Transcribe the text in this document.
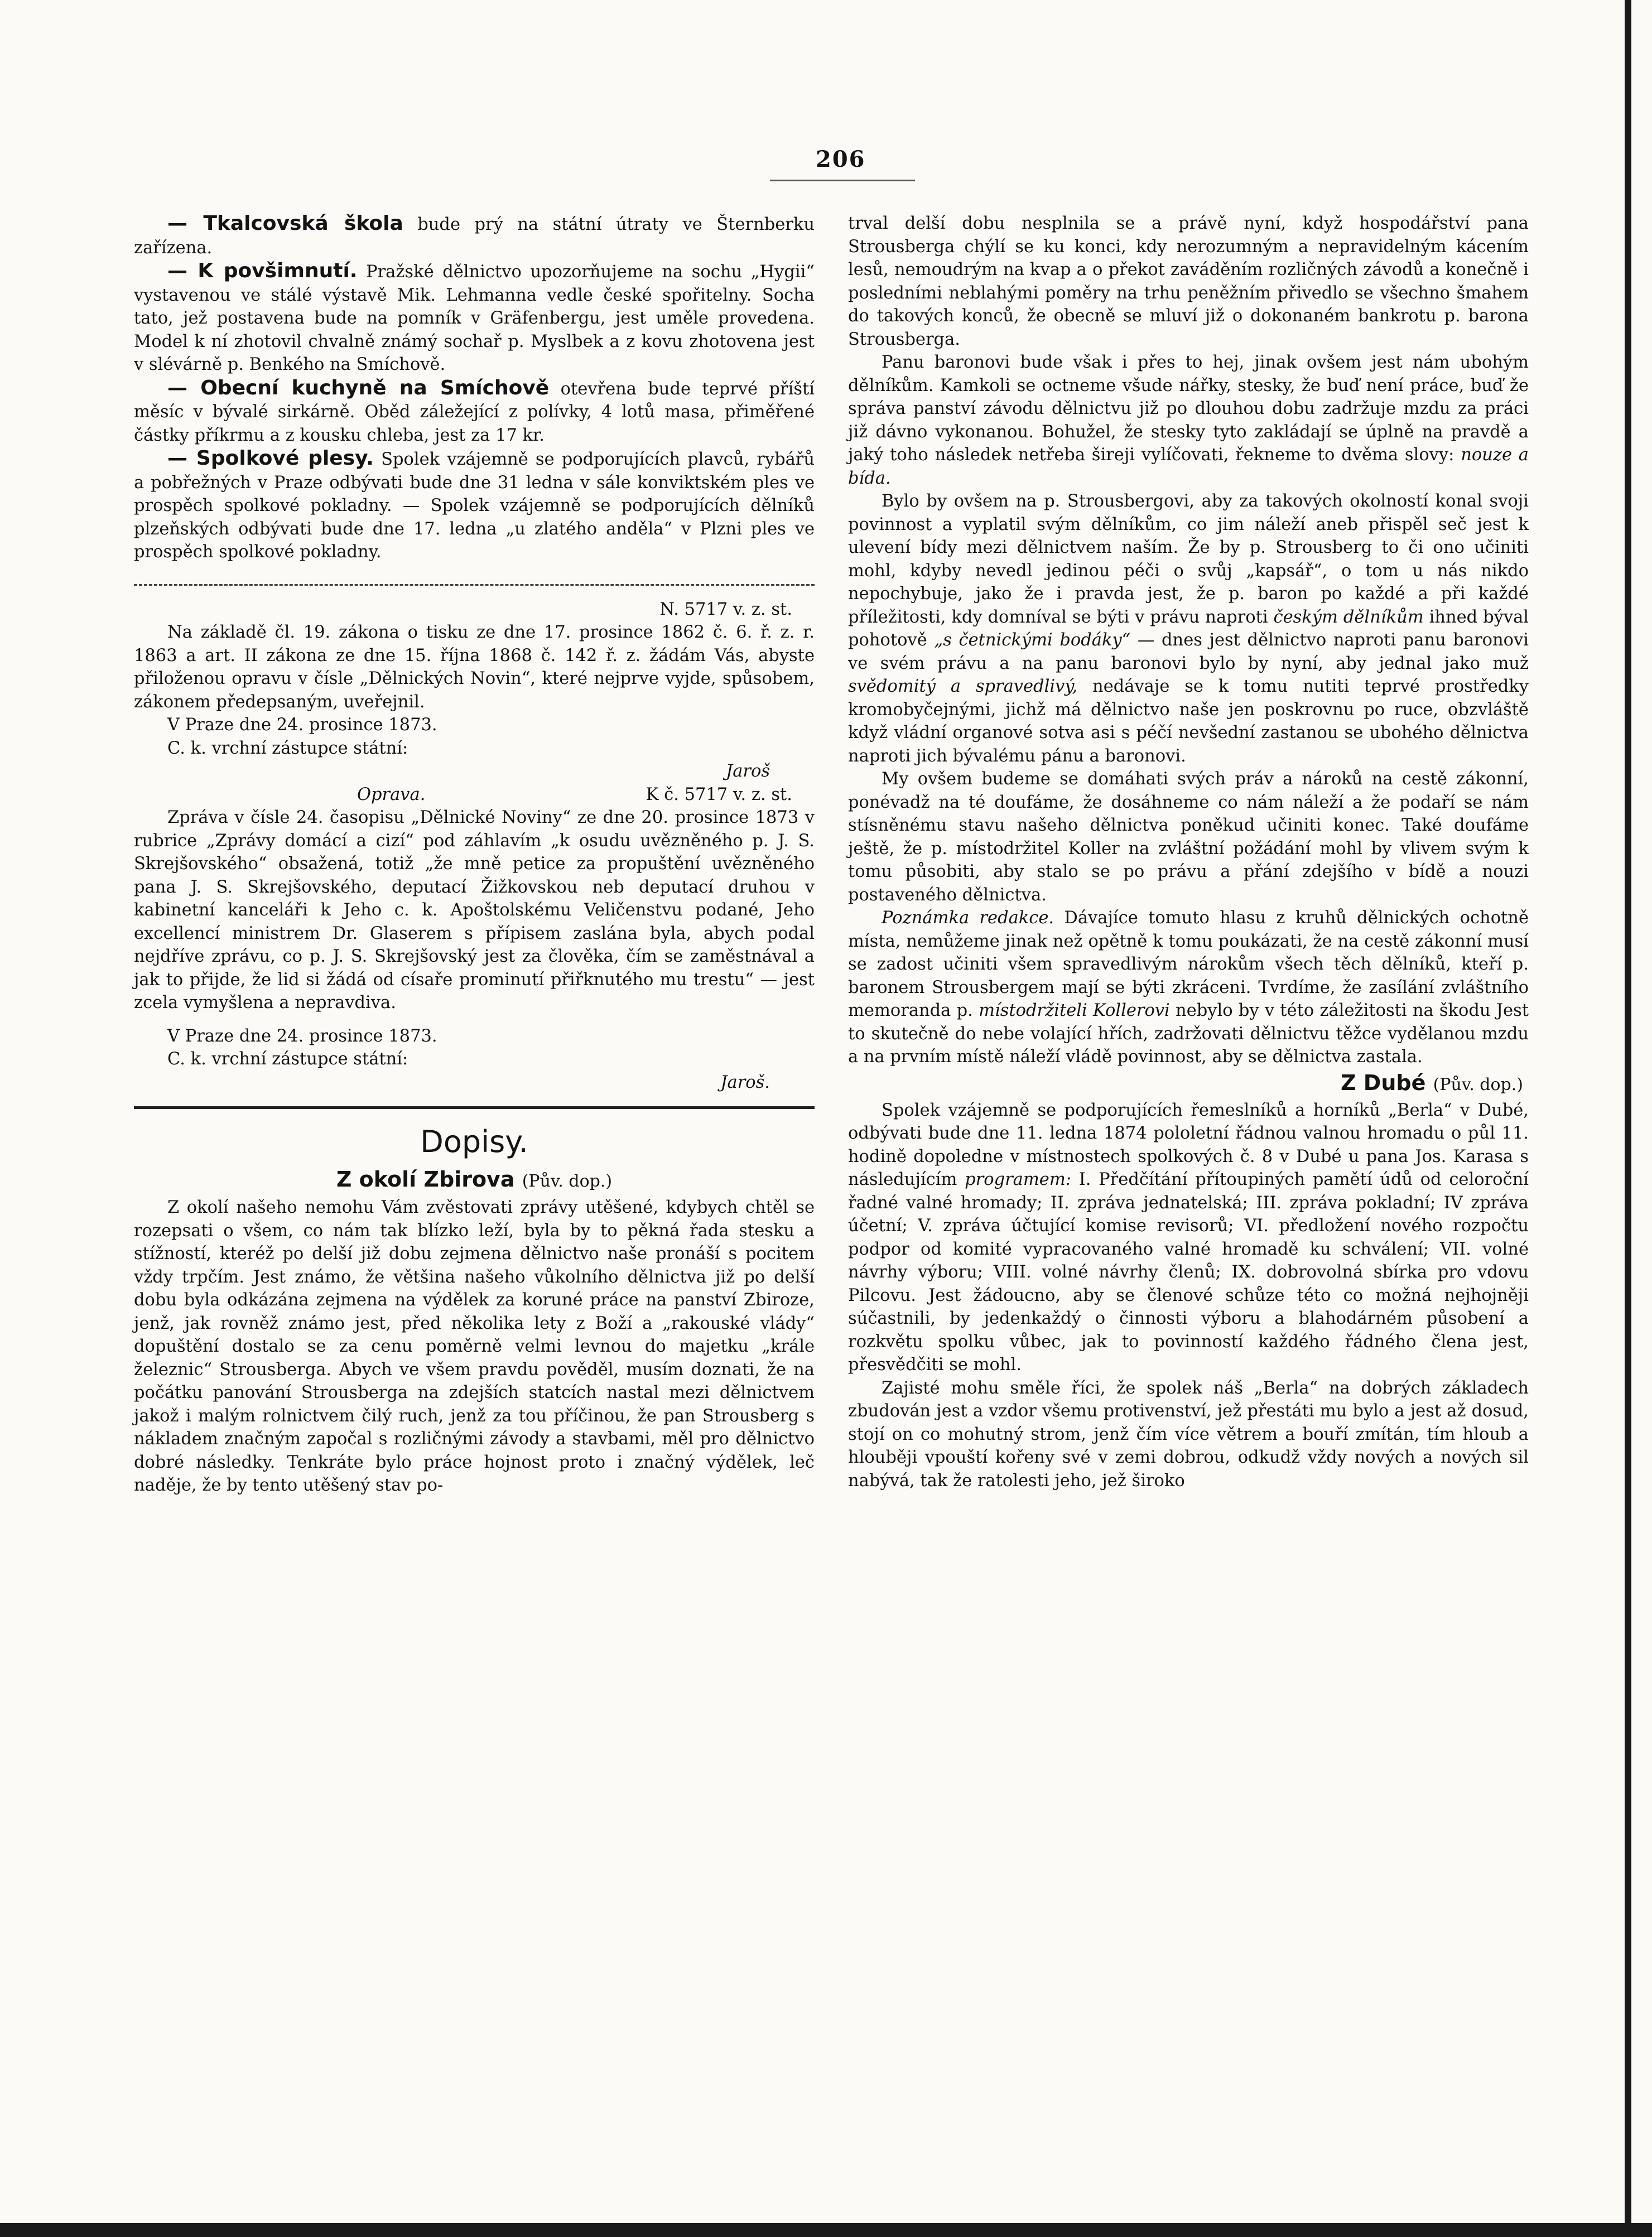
206

— Tkalcovská škola bude prý na státní útraty ve Šternberku zařízena.

— K povšimnutí. Pražské dělnictvo upozorňujeme na sochu „Hygii“ vystavenou ve stálé výstavě Mik. Lehmanna vedle české spořitelny. Socha tato, jež postavena bude na pomník v Gräfenbergu, jest uměle provedena. Model k ní zhotovil chvalně známý sochař p. Myslbek a z kovu zhotovena jest v slévárně p. Benkého na Smíchově.

— Obecní kuchyně na Smíchově otevřena bude teprvé příští měsíc v bývalé sirkárně. Oběd záležející z polívky, 4 lotů masa, přiměřené částky příkrmu a z kousku chleba, jest za 17 kr.

— Spolkové plesy. Spolek vzájemně se podporujících plavců, rybářů a pobřežných v Praze odbývati bude dne 31 ledna v sále konviktském ples ve prospěch spolkové pokladny. — Spolek vzájemně se podporujících dělníků plzeňských odbývati bude dne 17. ledna „u zlatého anděla“ v Plzni ples ve prospěch spolkové pokladny.

N. 5717 v. z. st.

Na základě čl. 19. zákona o tisku ze dne 17. prosince 1862 č. 6. ř. z. r. 1863 a art. II zákona ze dne 15. října 1868 č. 142 ř. z. žádám Vás, abyste přiloženou opravu v čísle „Dělnických Novin“, které nejprve vyjde, spůsobem, zákonem předepsaným, uveřejnil.

V Praze dne 24. prosince 1873.

C. k. vrchní zástupce státní:

Jaroš

Oprava.	K č. 5717 v. z. st.

Zpráva v čísle 24. časopisu „Dělnické Noviny“ ze dne 20. prosince 1873 v rubrice „Zprávy domácí a cizí“ pod záhlavím „k osudu uvězněného p. J. S. Skrejšovského“ obsažená, totiž „že mně petice za propuštění uvězněného pana J. S. Skrejšovského, deputací Žižkovskou neb deputací druhou v kabinetní kanceláři k Jeho c. k. Apoštolskému Veličenstvu podané, Jeho excellencí ministrem Dr. Glaserem s přípisem zaslána byla, abych podal nejdříve zprávu, co p. J. S. Skrejšovský jest za člověka, čím se zaměstnával a jak to přijde, že lid si žádá od císaře prominutí přiřknutého mu trestu“ — jest zcela vymyšlena a nepravdiva.

V Praze dne 24. prosince 1873.

C. k. vrchní zástupce státní:

Jaroš.

Dopisy.
Z okolí Zbirova (Pův. dop.)

Z okolí našeho nemohu Vám zvěstovati zprávy utěšené, kdybych chtěl se rozepsati o všem, co nám tak blízko leží, byla by to pěkná řada stesku a stížností, kteréž po delší již dobu zejmena dělnictvo naše pronáší s pocitem vždy trpčím. Jest známo, že většina našeho vůkolního dělnictva již po delší dobu byla odkázána zejmena na výdělek za koruné práce na panství Zbiroze, jenž, jak rovněž známo jest, před několika lety z Boží a „rakouské vlády“ dopuštění dostalo se za cenu poměrně velmi levnou do majetku „krále železnic“ Strousberga. Abych ve všem pravdu pověděl, musím doznati, že na počátku panování Strousberga na zdejších statcích nastal mezi dělnictvem jakož i malým rolnictvem čilý ruch, jenž za tou příčinou, že pan Strousberg s nákladem značným započal s rozličnými závody a stavbami, měl pro dělnictvo dobré následky. Tenkráte bylo práce hojnost proto i značný výdělek, leč naděje, že by tento utěšený stav po-

trval delší dobu nesplnila se a právě nyní, když hospodářství pana Strousberga chýlí se ku konci, kdy nerozumným a nepravidelným kácením lesů, nemoudrým na kvap a o překot zaváděním rozličných závodů a konečně i posledními neblahými poměry na trhu peněžním přivedlo se všechno šmahem do takových konců, že obecně se mluví již o dokonaném bankrotu p. barona Strousberga.

Panu baronovi bude však i přes to hej, jinak ovšem jest nám ubohým dělníkům. Kamkoli se octneme všude nářky, stesky, že buď není práce, buď že správa panství závodu dělnictvu již po dlouhou dobu zadržuje mzdu za práci již dávno vykonanou. Bohužel, že stesky tyto zakládají se úplně na pravdě a jaký toho následek netřeba šireji vylíčovati, řekneme to dvěma slovy: nouze a bída.

Bylo by ovšem na p. Strousbergovi, aby za takových okolností konal svoji povinnost a vyplatil svým dělníkům, co jim náleží aneb přispěl seč jest k ulevení bídy mezi dělnictvem naším. Že by p. Strousberg to či ono učiniti mohl, kdyby nevedl jedinou péči o svůj „kapsář“, o tom u nás nikdo nepochybuje, jako že i pravda jest, že p. baron po každé a při každé příležitosti, kdy domníval se býti v právu naproti českým dělníkům ihned býval pohotově „s četnickými bodáky“ — dnes jest dělnictvo naproti panu baronovi ve svém právu a na panu baronovi bylo by nyní, aby jednal jako muž svědomitý a spravedlivý, nedávaje se k tomu nutiti teprvé prostředky kromobyčejnými, jichž má dělnictvo naše jen poskrovnu po ruce, obzvláště když vládní organové sotva asi s péčí nevšední zastanou se ubohého dělnictva naproti jich bývalému pánu a baronovi.

My ovšem budeme se domáhati svých práv a nároků na cestě zákonní, ponévadž na té doufáme, že dosáhneme co nám náleží a že podaří se nám stísněnému stavu našeho dělnictva poněkud učiniti konec. Také doufáme ještě, že p. místodržitel Koller na zvláštní požádání mohl by vlivem svým k tomu působiti, aby stalo se po právu a přání zdejšího v bídě a nouzi postaveného dělnictva.

Poznámka redakce. Dávajíce tomuto hlasu z kruhů dělnických ochotně místa, nemůžeme jinak než opětně k tomu poukázati, že na cestě zákonní musí se zadost učiniti všem spravedlivým nárokům všech těch dělníků, kteří p. baronem Strousbergem mají se býti zkráceni. Tvrdíme, že zasílání zvláštního memoranda p. místodržiteli Kollerovi nebylo by v této záležitosti na škodu Jest to skutečně do nebe volající hřích, zadržovati dělnictvu těžce vydělanou mzdu a na prvním místě náleží vládě povinnost, aby se dělnictva zastala.

Z Dubé (Pův. dop.)

Spolek vzájemně se podporujících řemeslníků a horníků „Berla“ v Dubé, odbývati bude dne 11. ledna 1874 pololetní řádnou valnou hromadu o půl 11. hodině dopoledne v místnostech spolkových č. 8 v Dubé u pana Jos. Karasa s následujícím programem: I. Předčítání přítoupiných pamětí údů od celoroční řadné valné hromady; II. zpráva jednatelská; III. zpráva pokladní; IV zpráva účetní; V. zpráva účtující komise revisorů; VI. předložení nového rozpočtu podpor od komité vypracovaného valné hromadě ku schválení; VII. volné návrhy výboru; VIII. volné návrhy členů; IX. dobrovolná sbírka pro vdovu Pilcovu. Jest žádoucno, aby se členové schůze této co možná nejhojněji súčastnili, by jedenkaždý o činnosti výboru a blahodárném působení a rozkvětu spolku vůbec, jak to povinností každého řádného člena jest, přesvědčiti se mohl.

Zajisté mohu směle říci, že spolek náš „Berla“ na dobrých základech zbudován jest a vzdor všemu protivenství, jež přestáti mu bylo a jest až dosud, stojí on co mohutný strom, jenž čím více větrem a bouří zmítán, tím hloub a hlouběji vpouští kořeny své v zemi dobrou, odkudž vždy nových a nových sil nabývá, tak že ratolesti jeho, jež široko
